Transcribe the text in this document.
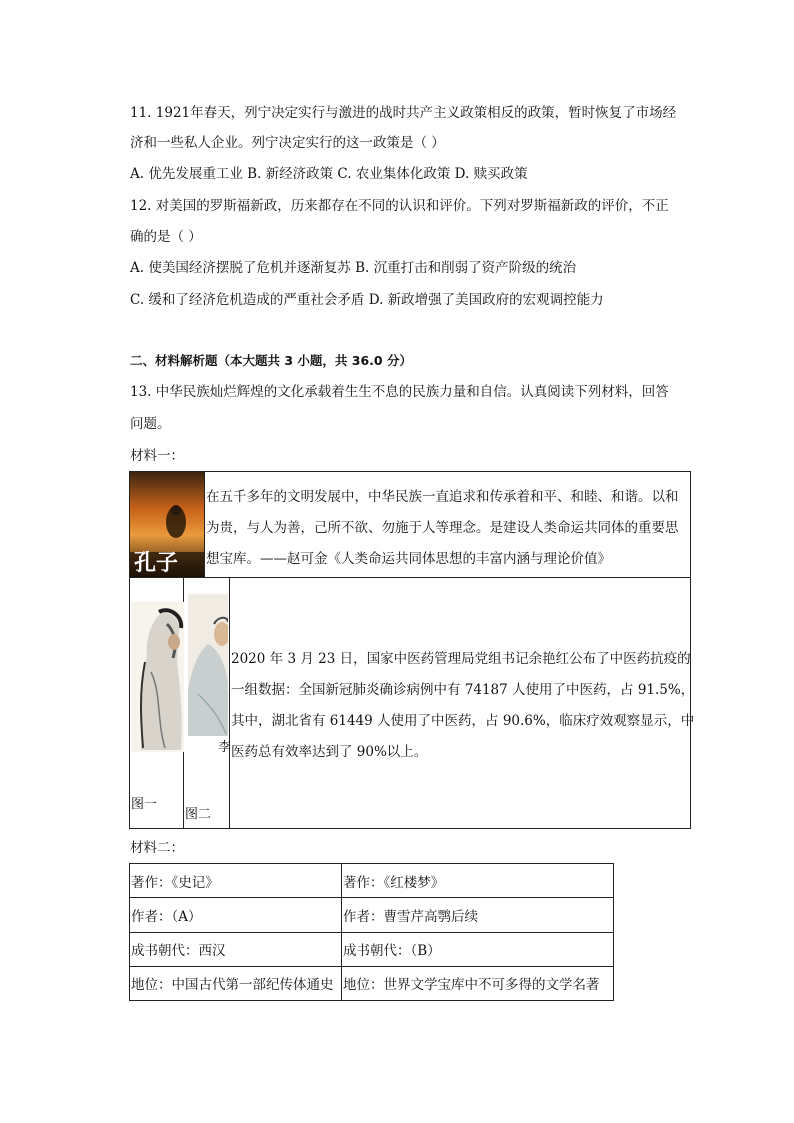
11. 1921年春天，列宁决定实行与激进的战时共产主义政策相反的政策，暂时恢复了市场经
济和一些私人企业。列宁决定实行的这一政策是（ ）
A. 优先发展重工业 B. 新经济政策 C. 农业集体化政策 D. 赎买政策
12. 对美国的罗斯福新政，历来都存在不同的认识和评价。下列对罗斯福新政的评价，不正
确的是（ ）
A. 使美国经济摆脱了危机并逐渐复苏 B. 沉重打击和削弱了资产阶级的统治
C. 缓和了经济危机造成的严重社会矛盾 D. 新政增强了美国政府的宏观调控能力
二、材料解析题（本大题共 3 小题，共 36.0 分）
13. 中华民族灿烂辉煌的文化承载着生生不息的民族力量和自信。认真阅读下列材料，回答
问题。
材料一：
孔子
在五千多年的文明发展中，中华民族一直追求和传承着和平、和睦、和谐。以和
为贵，与人为善，己所不欲、勿施于人等理念。是建设人类命运共同体的重要思
想宝库。——赵可金《人类命运共同体思想的丰富内涵与理论价值》
图一
李
图二
2020 年 3 月 23 日，国家中医药管理局党组书记余艳红公布了中医药抗疫的
一组数据：全国新冠肺炎确诊病例中有 74187 人使用了中医药，占 91.5%，
其中，湖北省有 61449 人使用了中医药，占 90.6%，临床疗效观察显示，中
医药总有效率达到了 90%以上。
材料二：
著作：《史记》	著作：《红楼梦》
作者：（A）	作者：曹雪芹高鹗后续
成书朝代：西汉	成书朝代：（B）
地位：中国古代第一部纪传体通史	地位：世界文学宝库中不可多得的文学名著
